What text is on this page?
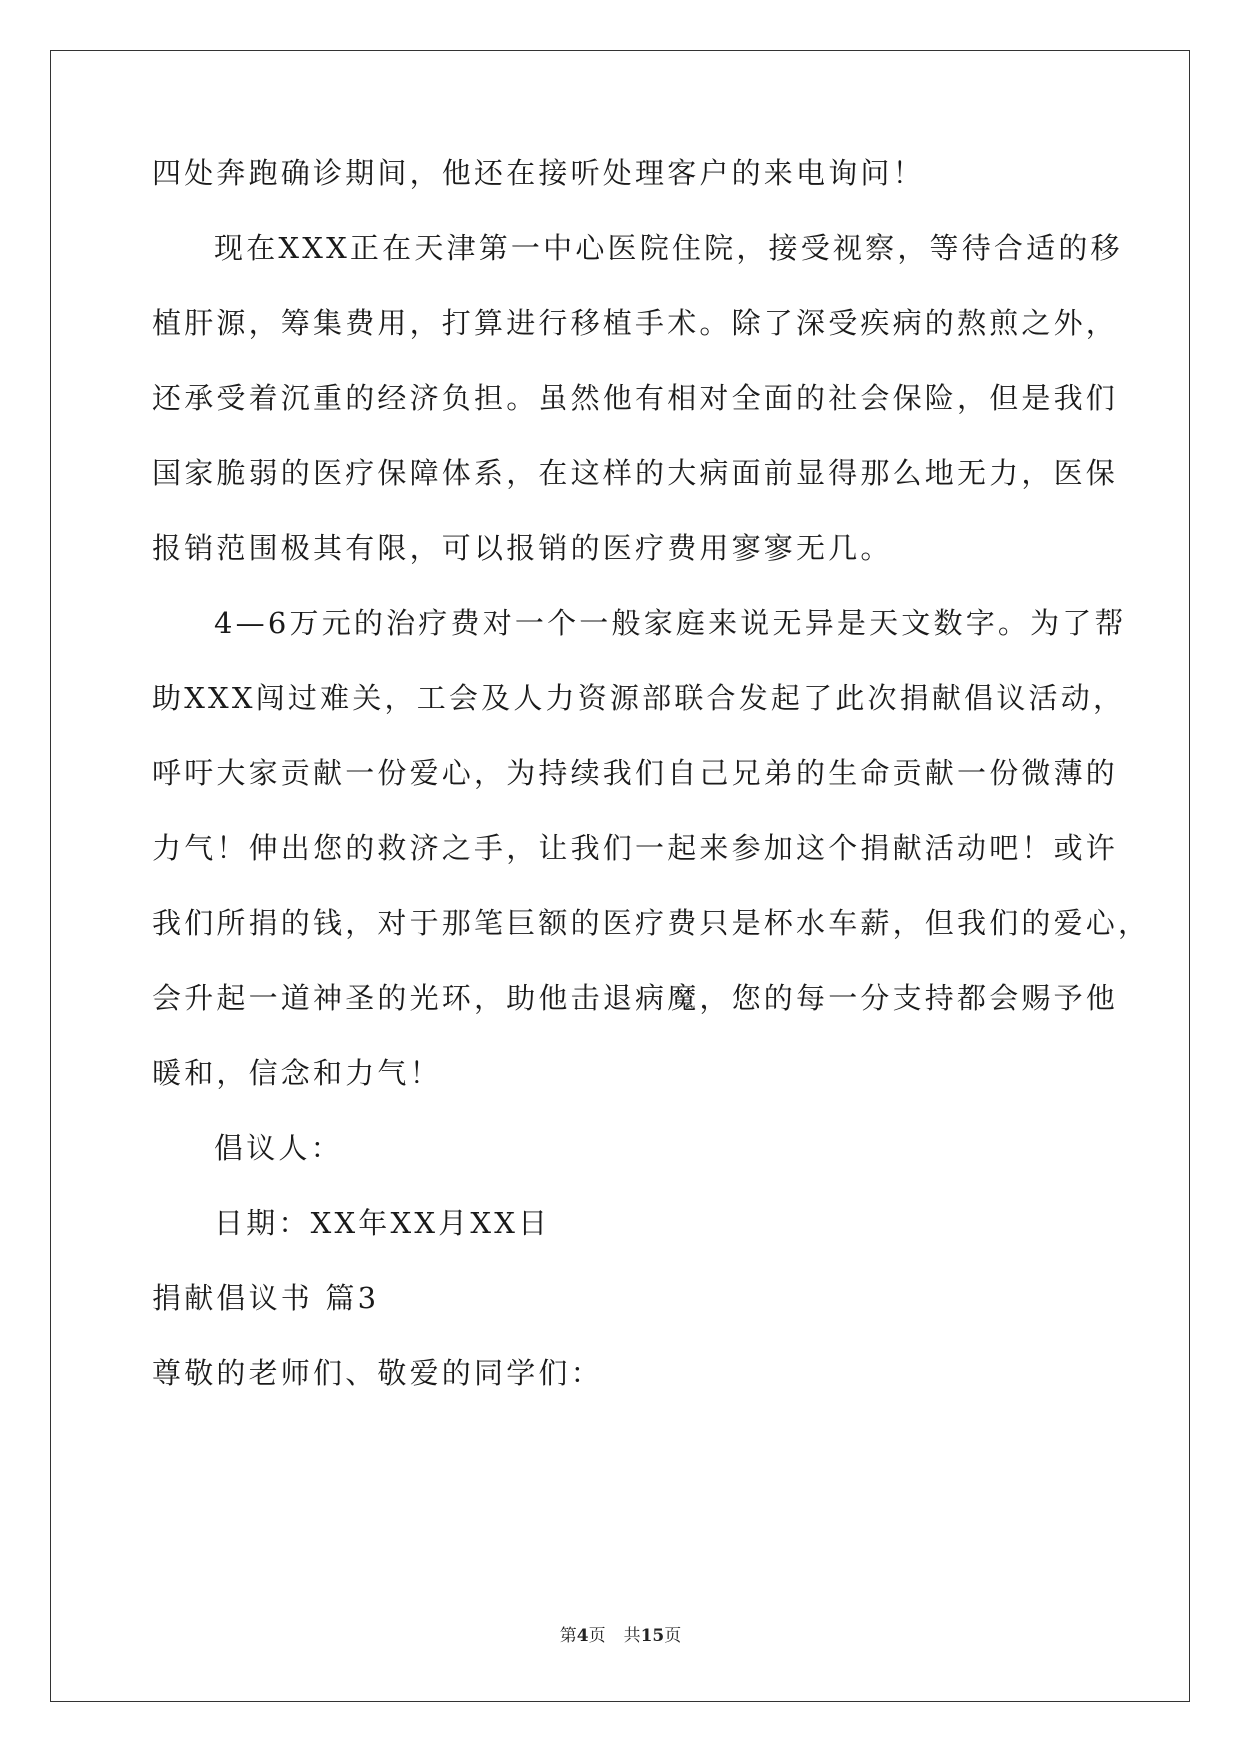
四处奔跑确诊期间，他还在接听处理客户的来电询问！
现在XXX正在天津第一中心医院住院，接受视察，等待合适的移
植肝源，筹集费用，打算进行移植手术。除了深受疾病的熬煎之外，
还承受着沉重的经济负担。虽然他有相对全面的社会保险，但是我们
国家脆弱的医疗保障体系，在这样的大病面前显得那么地无力，医保
报销范围极其有限，可以报销的医疗费用寥寥无几。
4—6万元的治疗费对一个一般家庭来说无异是天文数字。为了帮
助XXX闯过难关，工会及人力资源部联合发起了此次捐献倡议活动，
呼吁大家贡献一份爱心，为持续我们自己兄弟的生命贡献一份微薄的
力气！伸出您的救济之手，让我们一起来参加这个捐献活动吧！或许
我们所捐的钱，对于那笔巨额的医疗费只是杯水车薪，但我们的爱心，
会升起一道神圣的光环，助他击退病魔，您的每一分支持都会赐予他
暖和，信念和力气！
倡议人：
日期：XX年XX月XX日
捐献倡议书 篇3
尊敬的老师们、敬爱的同学们：
第4页 共15页
